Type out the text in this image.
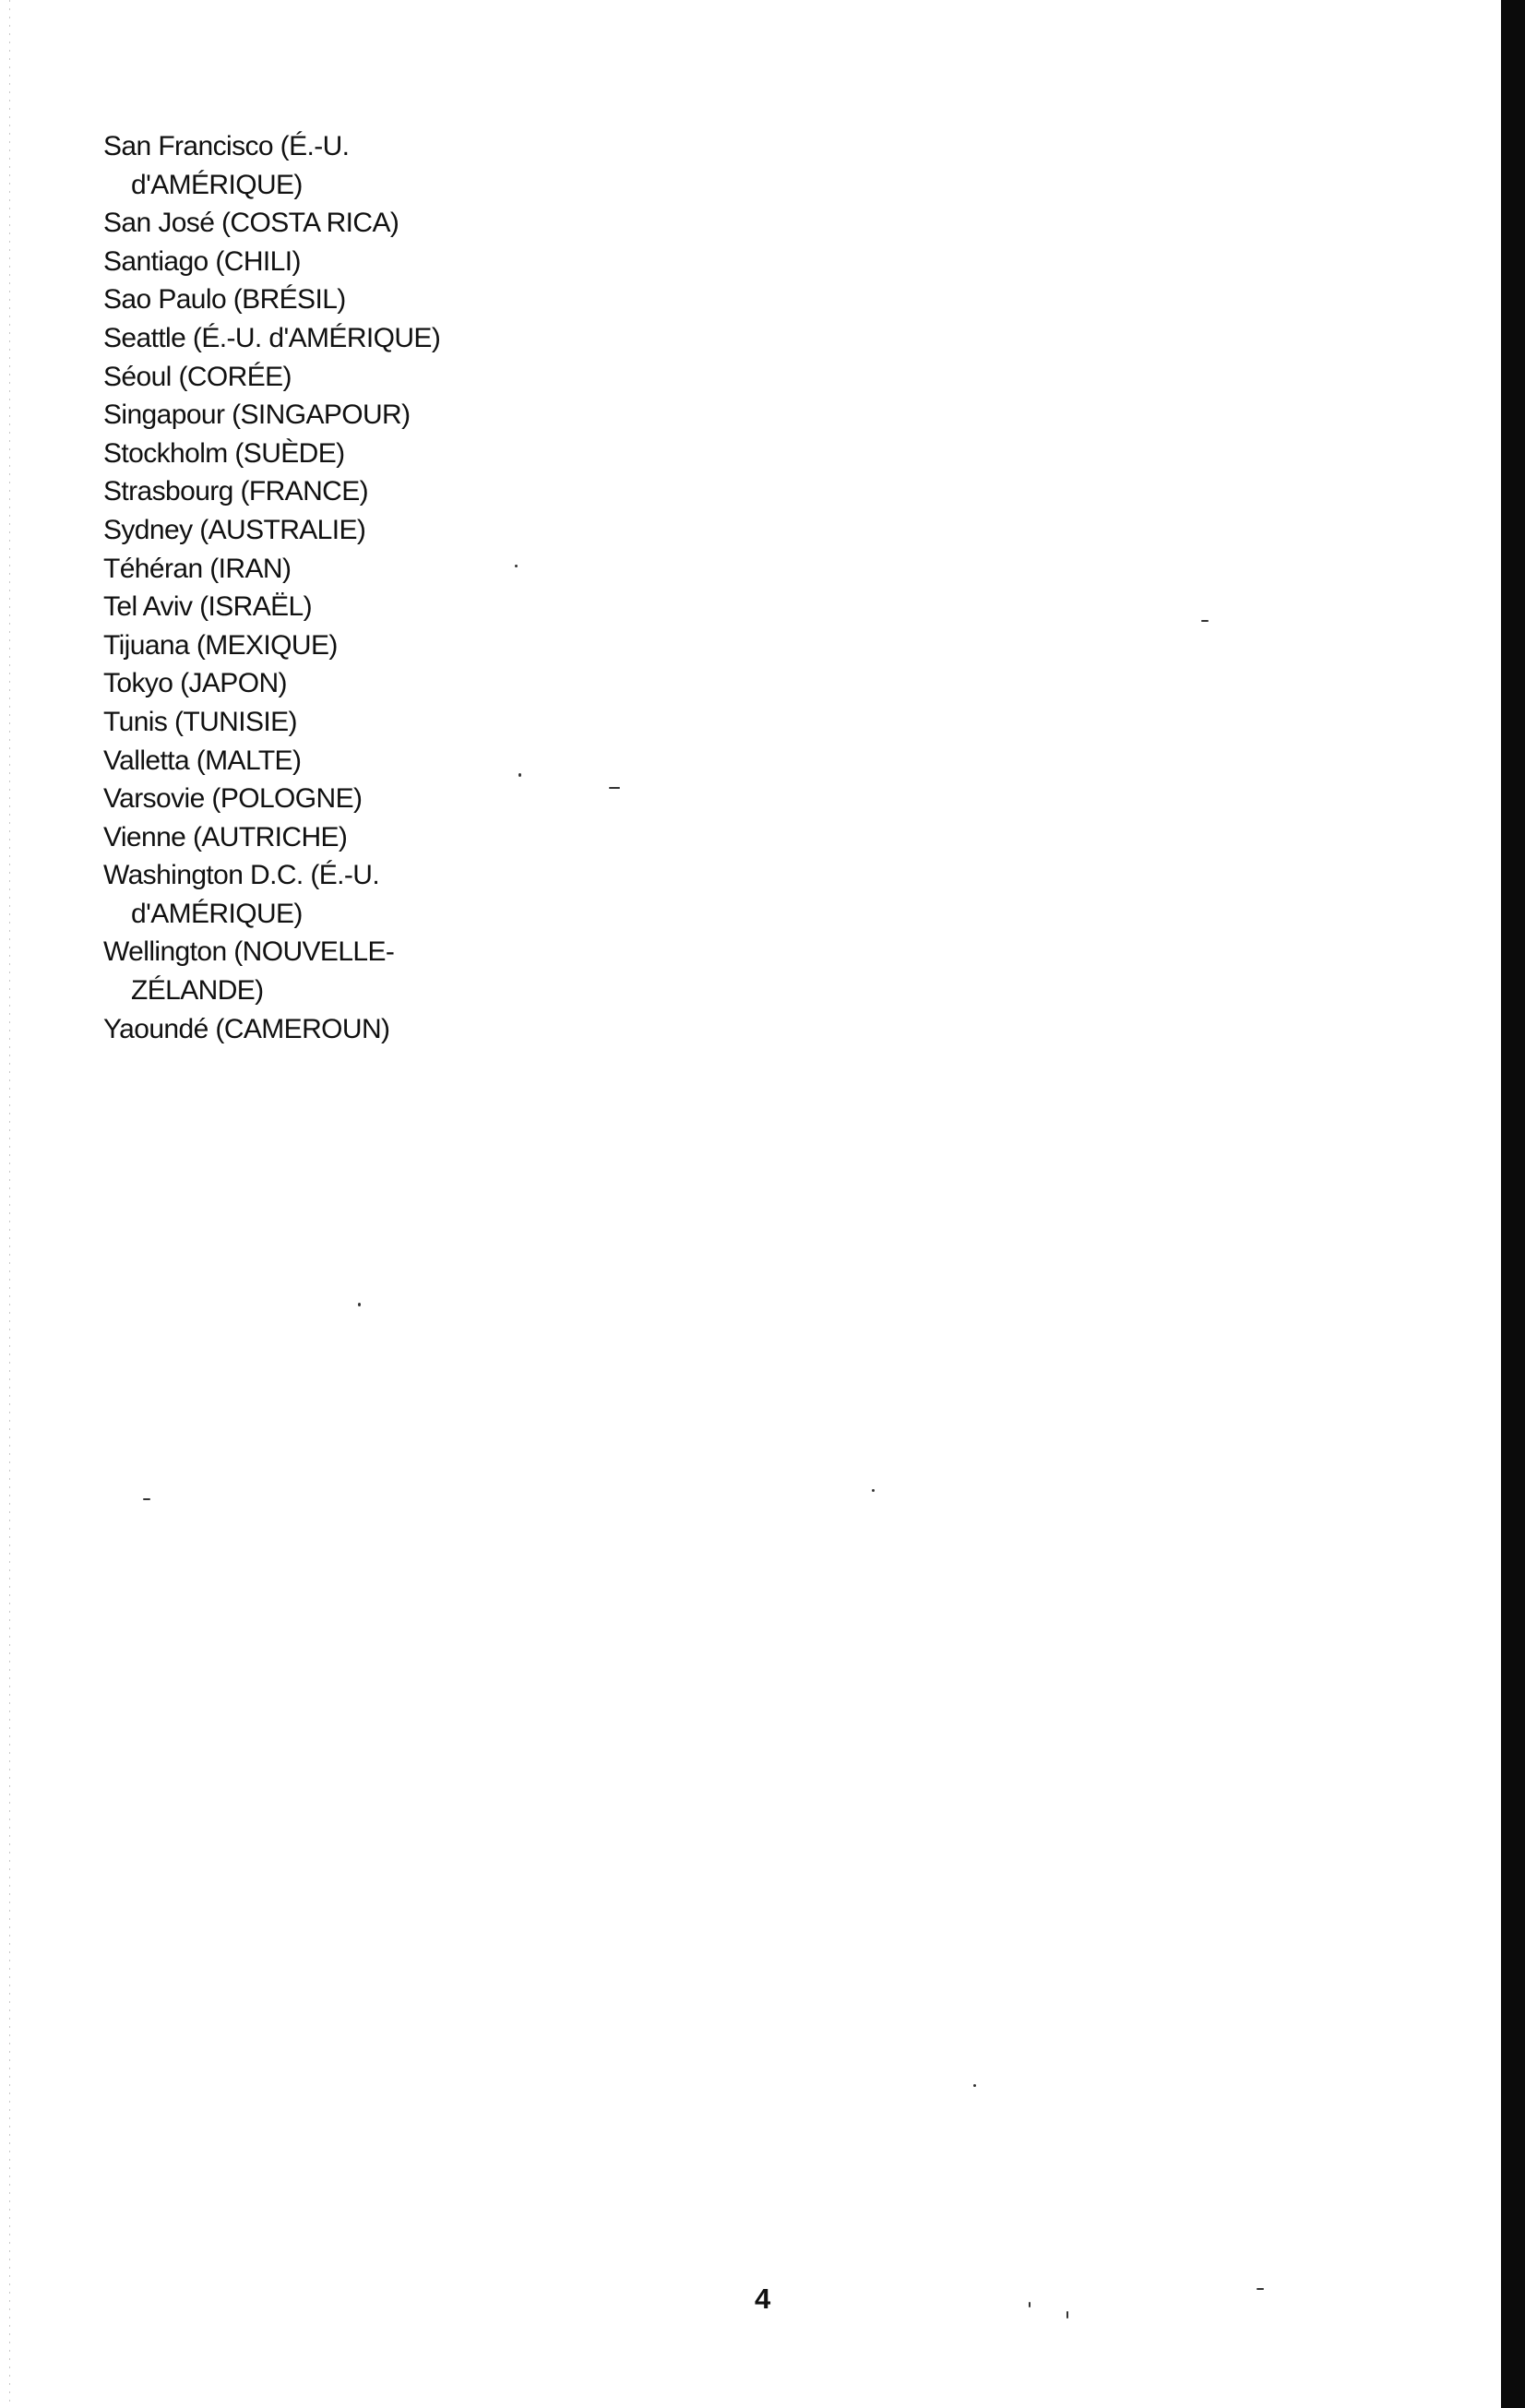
San Francisco (É.-U.
d'AMÉRIQUE)
San José (COSTA RICA)
Santiago (CHILI)
Sao Paulo (BRÉSIL)
Seattle (É.-U. d'AMÉRIQUE)
Séoul (CORÉE)
Singapour (SINGAPOUR)
Stockholm (SUÈDE)
Strasbourg (FRANCE)
Sydney (AUSTRALIE)
Téhéran (IRAN)
Tel Aviv (ISRAËL)
Tijuana (MEXIQUE)
Tokyo (JAPON)
Tunis (TUNISIE)
Valletta (MALTE)
Varsovie (POLOGNE)
Vienne (AUTRICHE)
Washington D.C. (É.-U.
d'AMÉRIQUE)
Wellington (NOUVELLE-
ZÉLANDE)
Yaoundé (CAMEROUN)
4
